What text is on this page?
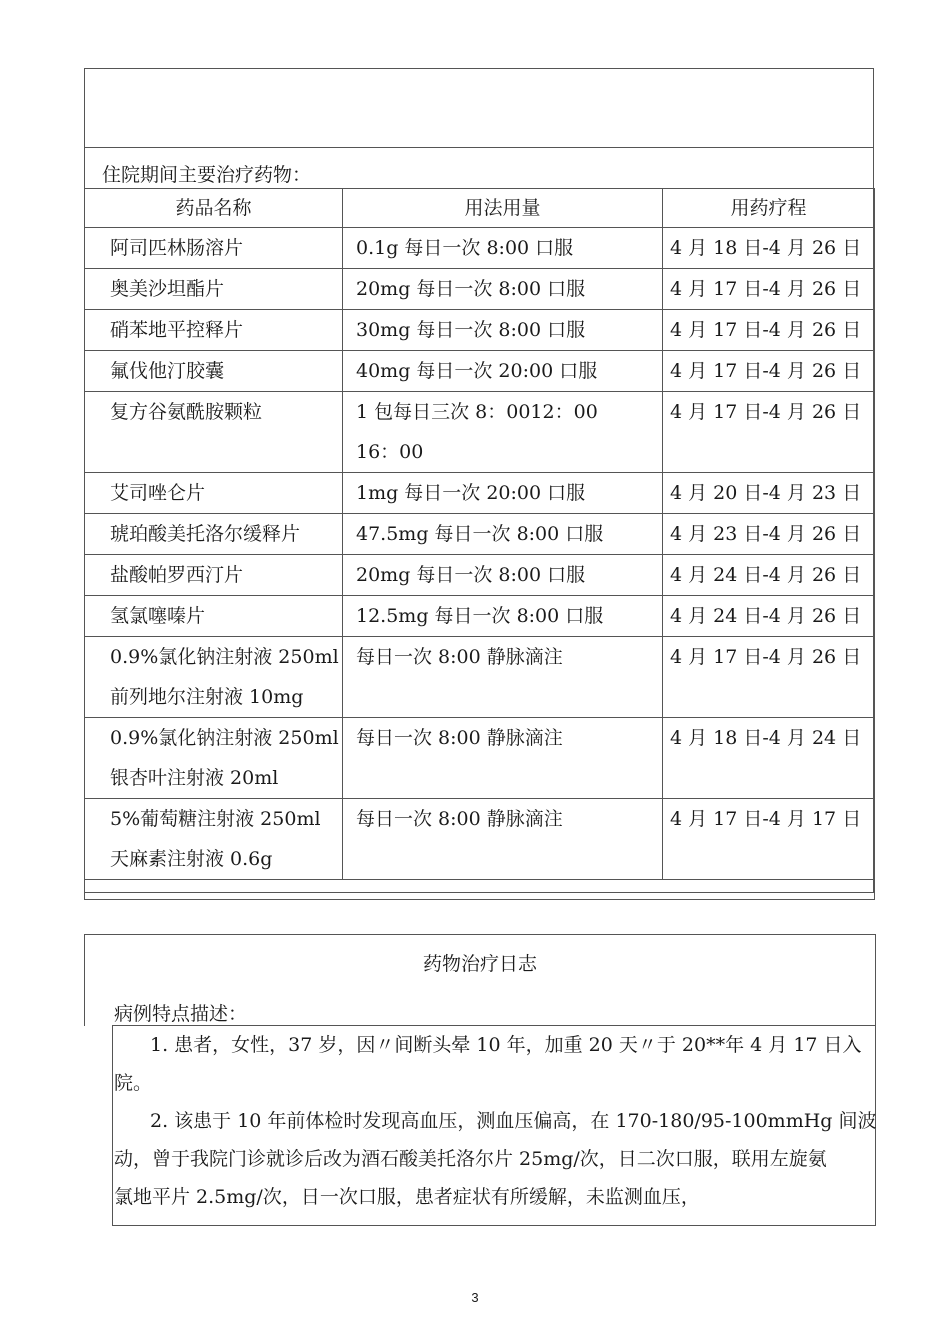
住院期间主要治疗药物：
药品名称	用法用量	用药疗程

阿司匹林肠溶片	0.1g 每日一次 8:00 口服	4 月 18 日-4 月 26 日

奥美沙坦酯片	20mg 每日一次 8:00 口服	4 月 17 日-4 月 26 日

硝苯地平控释片	30mg 每日一次 8:00 口服	4 月 17 日-4 月 26 日

氟伐他汀胶囊	40mg 每日一次 20:00 口服	4 月 17 日-4 月 26 日

复方谷氨酰胺颗粒	1 包每日三次 8：0012：00
16：00	4 月 17 日-4 月 26 日

艾司唑仑片	1mg 每日一次 20:00 口服	4 月 20 日-4 月 23 日

琥珀酸美托洛尔缓释片	47.5mg 每日一次 8:00 口服	4 月 23 日-4 月 26 日

盐酸帕罗西汀片	20mg 每日一次 8:00 口服	4 月 24 日-4 月 26 日

氢氯噻嗪片	12.5mg 每日一次 8:00 口服	4 月 24 日-4 月 26 日

0.9%氯化钠注射液 250ml
前列地尔注射液 10mg	每日一次 8:00 静脉滴注	4 月 17 日-4 月 26 日

0.9%氯化钠注射液 250ml
银杏叶注射液 20ml	每日一次 8:00 静脉滴注	4 月 18 日-4 月 24 日

5%葡萄糖注射液 250ml
天麻素注射液 0.6g	每日一次 8:00 静脉滴注	4 月 17 日-4 月 17 日

药物治疗日志
病例特点描述：
1. 患者，女性，37 岁，因〃间断头晕 10 年，加重 20 天〃于 20**年 4 月 17 日入
院。
2. 该患于 10 年前体检时发现高血压，测血压偏高，在 170-180/95-100mmHg 间波
动，曾于我院门诊就诊后改为酒石酸美托洛尔片 25mg/次，日二次口服，联用左旋氨
氯地平片 2.5mg/次，日一次口服，患者症状有所缓解，未监测血压，
3
